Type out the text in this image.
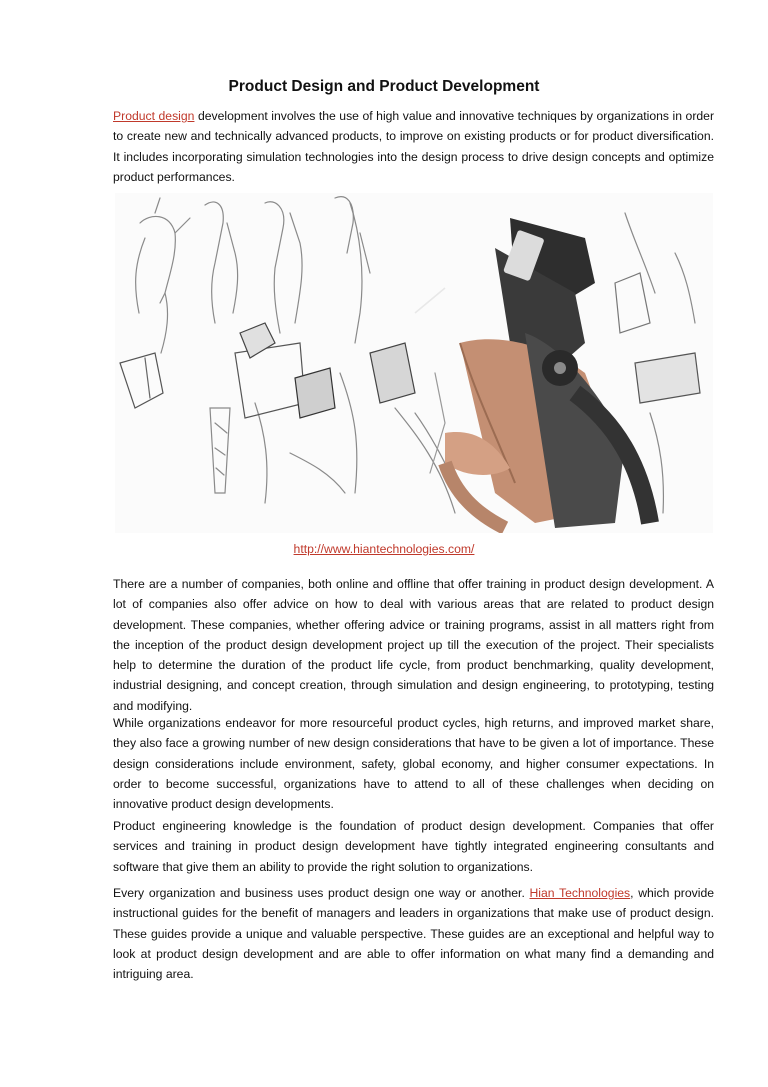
Product Design and Product Development

Product design development involves the use of high value and innovative techniques by organizations in order to create new and technically advanced products, to improve on existing products or for product diversification. It includes incorporating simulation technologies into the design process to drive design concepts and optimize product performances.

http://www.hiantechnologies.com/

There are a number of companies, both online and offline that offer training in product design development. A lot of companies also offer advice on how to deal with various areas that are related to product design development. These companies, whether offering advice or training programs, assist in all matters right from the inception of the product design development project up till the execution of the project. Their specialists help to determine the duration of the product life cycle, from product benchmarking, quality development, industrial designing, and concept creation, through simulation and design engineering, to prototyping, testing and modifying.

While organizations endeavor for more resourceful product cycles, high returns, and improved market share, they also face a growing number of new design considerations that have to be given a lot of importance. These design considerations include environment, safety, global economy, and higher consumer expectations. In order to become successful, organizations have to attend to all of these challenges when deciding on innovative product design developments.

Product engineering knowledge is the foundation of product design development. Companies that offer services and training in product design development have tightly integrated engineering consultants and software that give them an ability to provide the right solution to organizations.

Every organization and business uses product design one way or another. Hian Technologies, which provide instructional guides for the benefit of managers and leaders in organizations that make use of product design. These guides provide a unique and valuable perspective. These guides are an exceptional and helpful way to look at product design development and are able to offer information on what many find a demanding and intriguing area.
